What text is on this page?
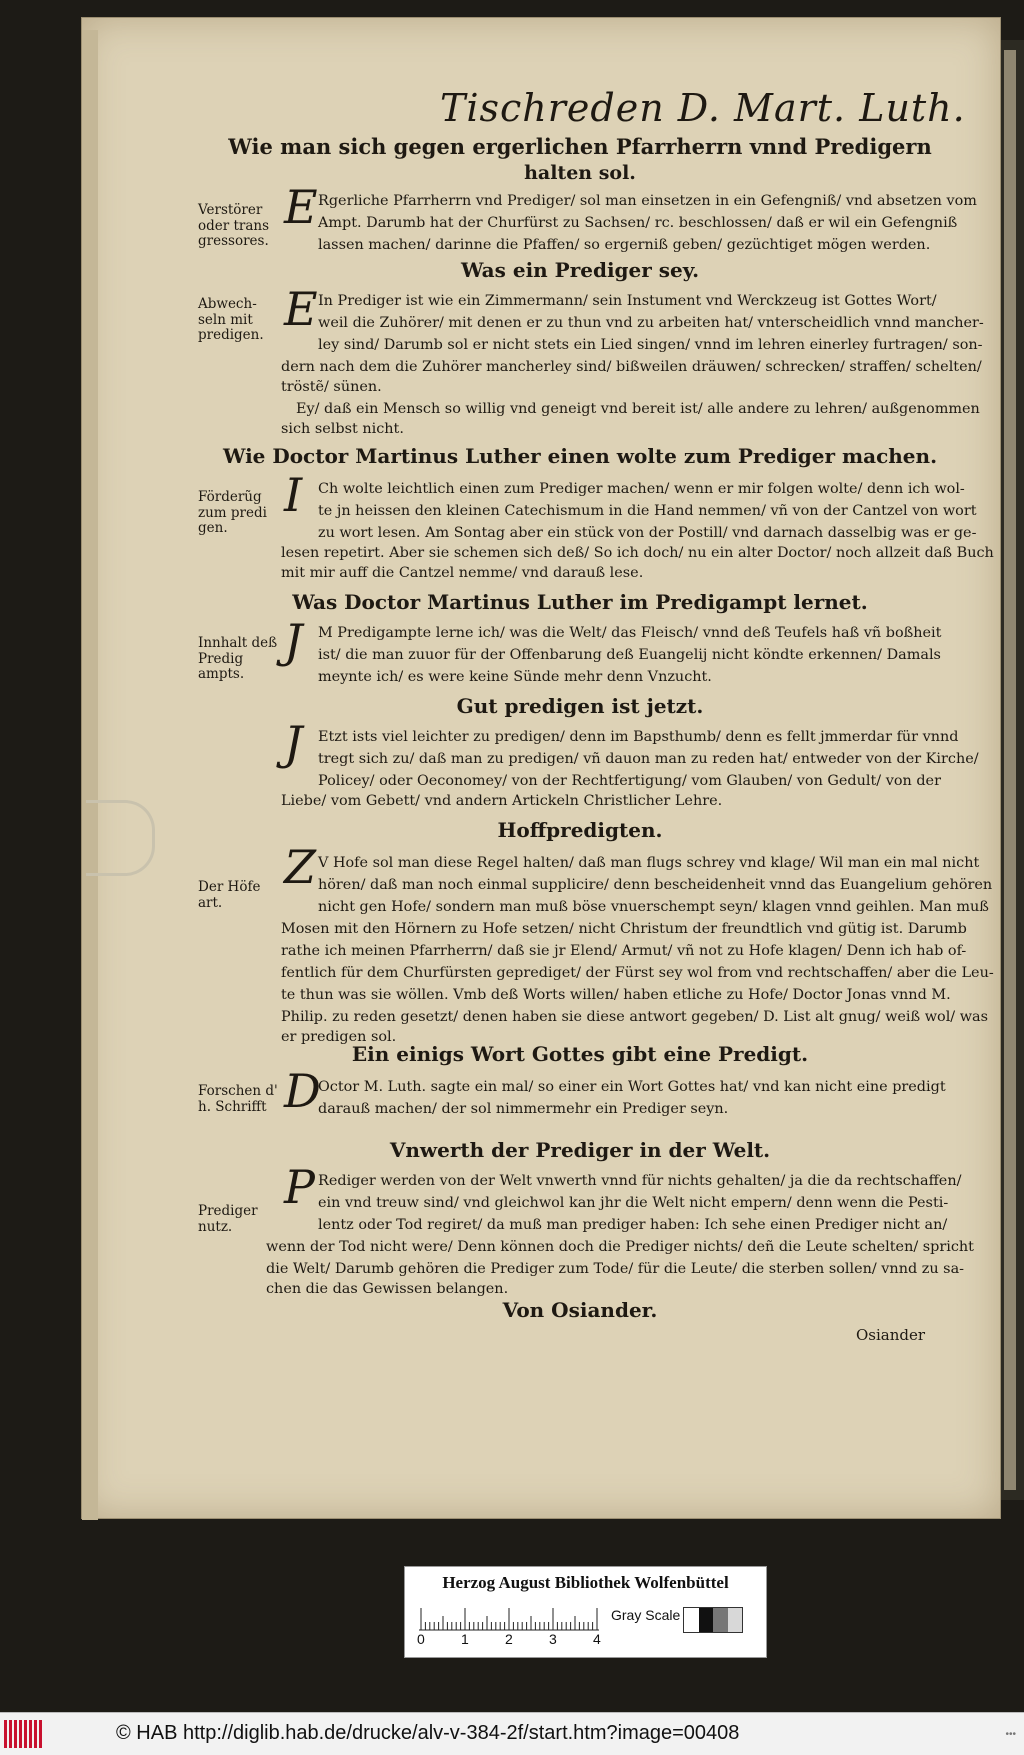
Tischreden D. Mart. Luth.
Wie man sich gegen ergerlichen Pfarrherrn vnnd Predigern
halten sol.
Verstörer oder trans gressores.
E Rgerliche Pfarrherrn vnd Prediger/ sol man einsetzen in ein Gefengniß/ vnd absetzen vom
Ampt. Darumb hat der Churfürst zu Sachsen/ rc. beschlossen/ daß er wil ein Gefengniß
lassen machen/ darinne die Pfaffen/ so ergerniß geben/ gezüchtiget mögen werden.
Was ein Prediger sey.
Abwech- seln mit predigen. E In Prediger ist wie ein Zimmermann/ sein Instument vnd Werckzeug ist Gottes Wort/
weil die Zuhörer/ mit denen er zu thun vnd zu arbeiten hat/ vnterscheidlich vnnd mancher-
ley sind/ Darumb sol er nicht stets ein Lied singen/ vnnd im lehren einerley furtragen/ son-
dern nach dem die Zuhörer mancherley sind/ bißweilen dräuwen/ schrecken/ straffen/ schelten/
tröstẽ/ sünen.
Ey/ daß ein Mensch so willig vnd geneigt vnd bereit ist/ alle andere zu lehren/ außgenommen
sich selbst nicht.
Wie Doctor Martinus Luther einen wolte zum Prediger machen.
Förderũg zum predi gen.
I Ch wolte leichtlich einen zum Prediger machen/ wenn er mir folgen wolte/ denn ich wol-
te jn heissen den kleinen Catechismum in die Hand nemmen/ vñ von der Cantzel von wort
zu wort lesen. Am Sontag aber ein stück von der Postill/ vnd darnach dasselbig was er ge-
lesen repetirt. Aber sie schemen sich deß/ So ich doch/ nu ein alter Doctor/ noch allzeit daß Buch
mit mir auff die Cantzel nemme/ vnd darauß lese.
Was Doctor Martinus Luther im Predigampt lernet.
Innhalt deß Predig ampts.
J M Predigampte lerne ich/ was die Welt/ das Fleisch/ vnnd deß Teufels haß vñ boßheit
ist/ die man zuuor für der Offenbarung deß Euangelij nicht köndte erkennen/ Damals
meynte ich/ es were keine Sünde mehr denn Vnzucht.
Gut predigen ist jetzt.
J Etzt ists viel leichter zu predigen/ denn im Bapsthumb/ denn es fellt jmmerdar für vnnd
tregt sich zu/ daß man zu predigen/ vñ dauon man zu reden hat/ entweder von der Kirche/
Policey/ oder Oeconomey/ von der Rechtfertigung/ vom Glauben/ von Gedult/ von der
Liebe/ vom Gebett/ vnd andern Artickeln Christlicher Lehre.
Hoffpredigten.
Der Höfe art.
Z V Hofe sol man diese Regel halten/ daß man flugs schrey vnd klage/ Wil man ein mal nicht
hören/ daß man noch einmal supplicire/ denn bescheidenheit vnnd das Euangelium gehören
nicht gen Hofe/ sondern man muß böse vnuerschempt seyn/ klagen vnnd geihlen. Man muß
Mosen mit den Hörnern zu Hofe setzen/ nicht Christum der freundtlich vnd gütig ist. Darumb
rathe ich meinen Pfarrherrn/ daß sie jr Elend/ Armut/ vñ not zu Hofe klagen/ Denn ich hab of-
fentlich für dem Churfürsten geprediget/ der Fürst sey wol from vnd rechtschaffen/ aber die Leu-
te thun was sie wöllen. Vmb deß Worts willen/ haben etliche zu Hofe/ Doctor Jonas vnnd M.
Philip. zu reden gesetzt/ denen haben sie diese antwort gegeben/ D. List alt gnug/ weiß wol/ was
er predigen sol.
Ein einigs Wort Gottes gibt eine Predigt.
Forschen d' h. Schrifft D
Octor M. Luth. sagte ein mal/ so einer ein Wort Gottes hat/ vnd kan nicht eine predigt
darauß machen/ der sol nimmermehr ein Prediger seyn.
Vnwerth der Prediger in der Welt.
Prediger nutz.
P Rediger werden von der Welt vnwerth vnnd für nichts gehalten/ ja die da rechtschaffen/
ein vnd treuw sind/ vnd gleichwol kan jhr die Welt nicht empern/ denn wenn die Pesti-
lentz oder Tod regiret/ da muß man prediger haben: Ich sehe einen Prediger nicht an/
wenn der Tod nicht were/ Denn können doch die Prediger nichts/ deñ die Leute schelten/ spricht
die Welt/ Darumb gehören die Prediger zum Tode/ für die Leute/ die sterben sollen/ vnnd zu sa-
chen die das Gewissen belangen.
Von Osiander.
Osiander
Herzog August Bibliothek Wolfenbüttel
0	1	2	3	4
Gray Scale
© HAB http://diglib.hab.de/drucke/alv-v-384-2f/start.htm?image=00408	•••
